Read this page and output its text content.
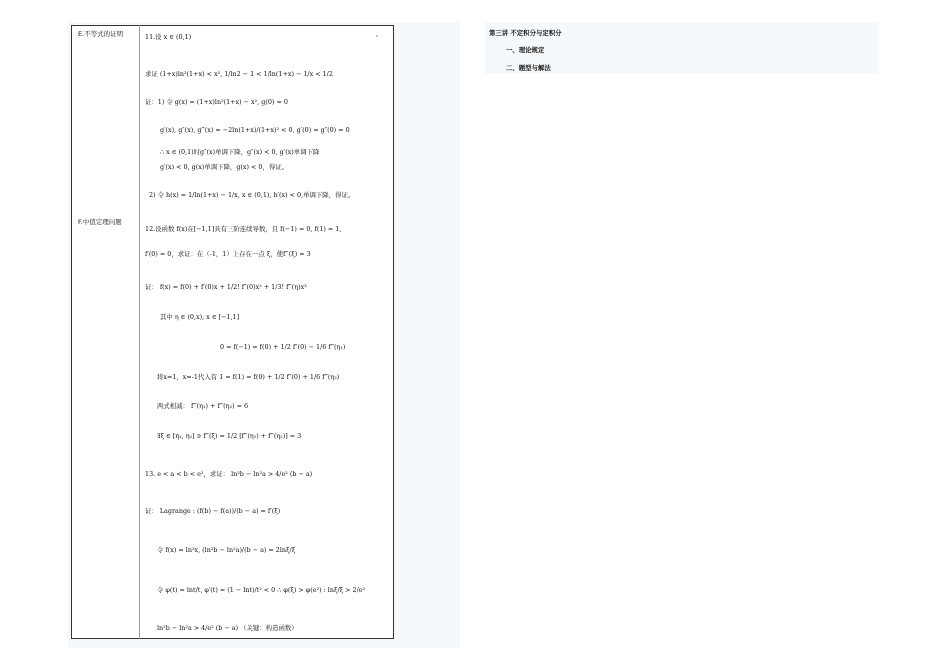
E.不等式的证明
F.中值定理问题
,
11.设 x ∈ (0,1)
求证 (1+x)ln²(1+x) < x², 1/ln2 − 1 < 1/ln(1+x) − 1/x < 1/2
证：1) 令 g(x) = (1+x)ln²(1+x) − x², g(0) = 0
g′(x), g″(x), g‴(x) = −2ln(1+x)/(1+x)² < 0, g′(0) = g″(0) = 0
∴ x ∈ (0,1)时g″(x)单调下降，g″(x) < 0, g′(x)单调下降
g′(x) < 0, g(x)单调下降，g(x) < 0，得证。
2) 令 h(x) = 1/ln(1+x) − 1/x, x ∈ (0,1), h′(x) < 0,单调下降，得证。
12.设函数 f(x)在[−1,1]具有三阶连续导数，且 f(−1) = 0, f(1) = 1,
f′(0) = 0，求证：在（-1，1）上存在一点 ξ，使f‴(ξ) = 3
证： f(x) = f(0) + f′(0)x + 1/2! f″(0)x² + 1/3! f‴(η)x³
其中 η ∈ (0,x), x ∈ [−1,1]
0 = f(−1) = f(0) + 1/2 f″(0) − 1/6 f‴(η₁)
将x=1，x=-1代入有 1 = f(1) = f(0) + 1/2 f″(0) + 1/6 f‴(η₂)
两式相减： f‴(η₁) + f‴(η₂) = 6
∃ξ ∈ [η₁, η₂] ∍ f‴(ξ) = 1/2 [f‴(η₁) + f‴(η₂)] = 3
13. e < a < b < e²，求证： ln²b − ln²a > 4/e² (b − a)
证： Lagrange : (f(b) − f(a))/(b − a) = f′(ξ)
令 f(x) = ln²x, (ln²b − ln²a)/(b − a) = 2lnξ/ξ
令 φ(t) = lnt/t, φ′(t) = (1 − lnt)/t² < 0 ∴ φ(ξ) > φ(e²) : lnξ/ξ > 2/e²
ln²b − ln²a > 4/e² (b − a) （关键：构造函数）
第三讲 不定积分与定积分
一、理论规定
二、题型与解法
